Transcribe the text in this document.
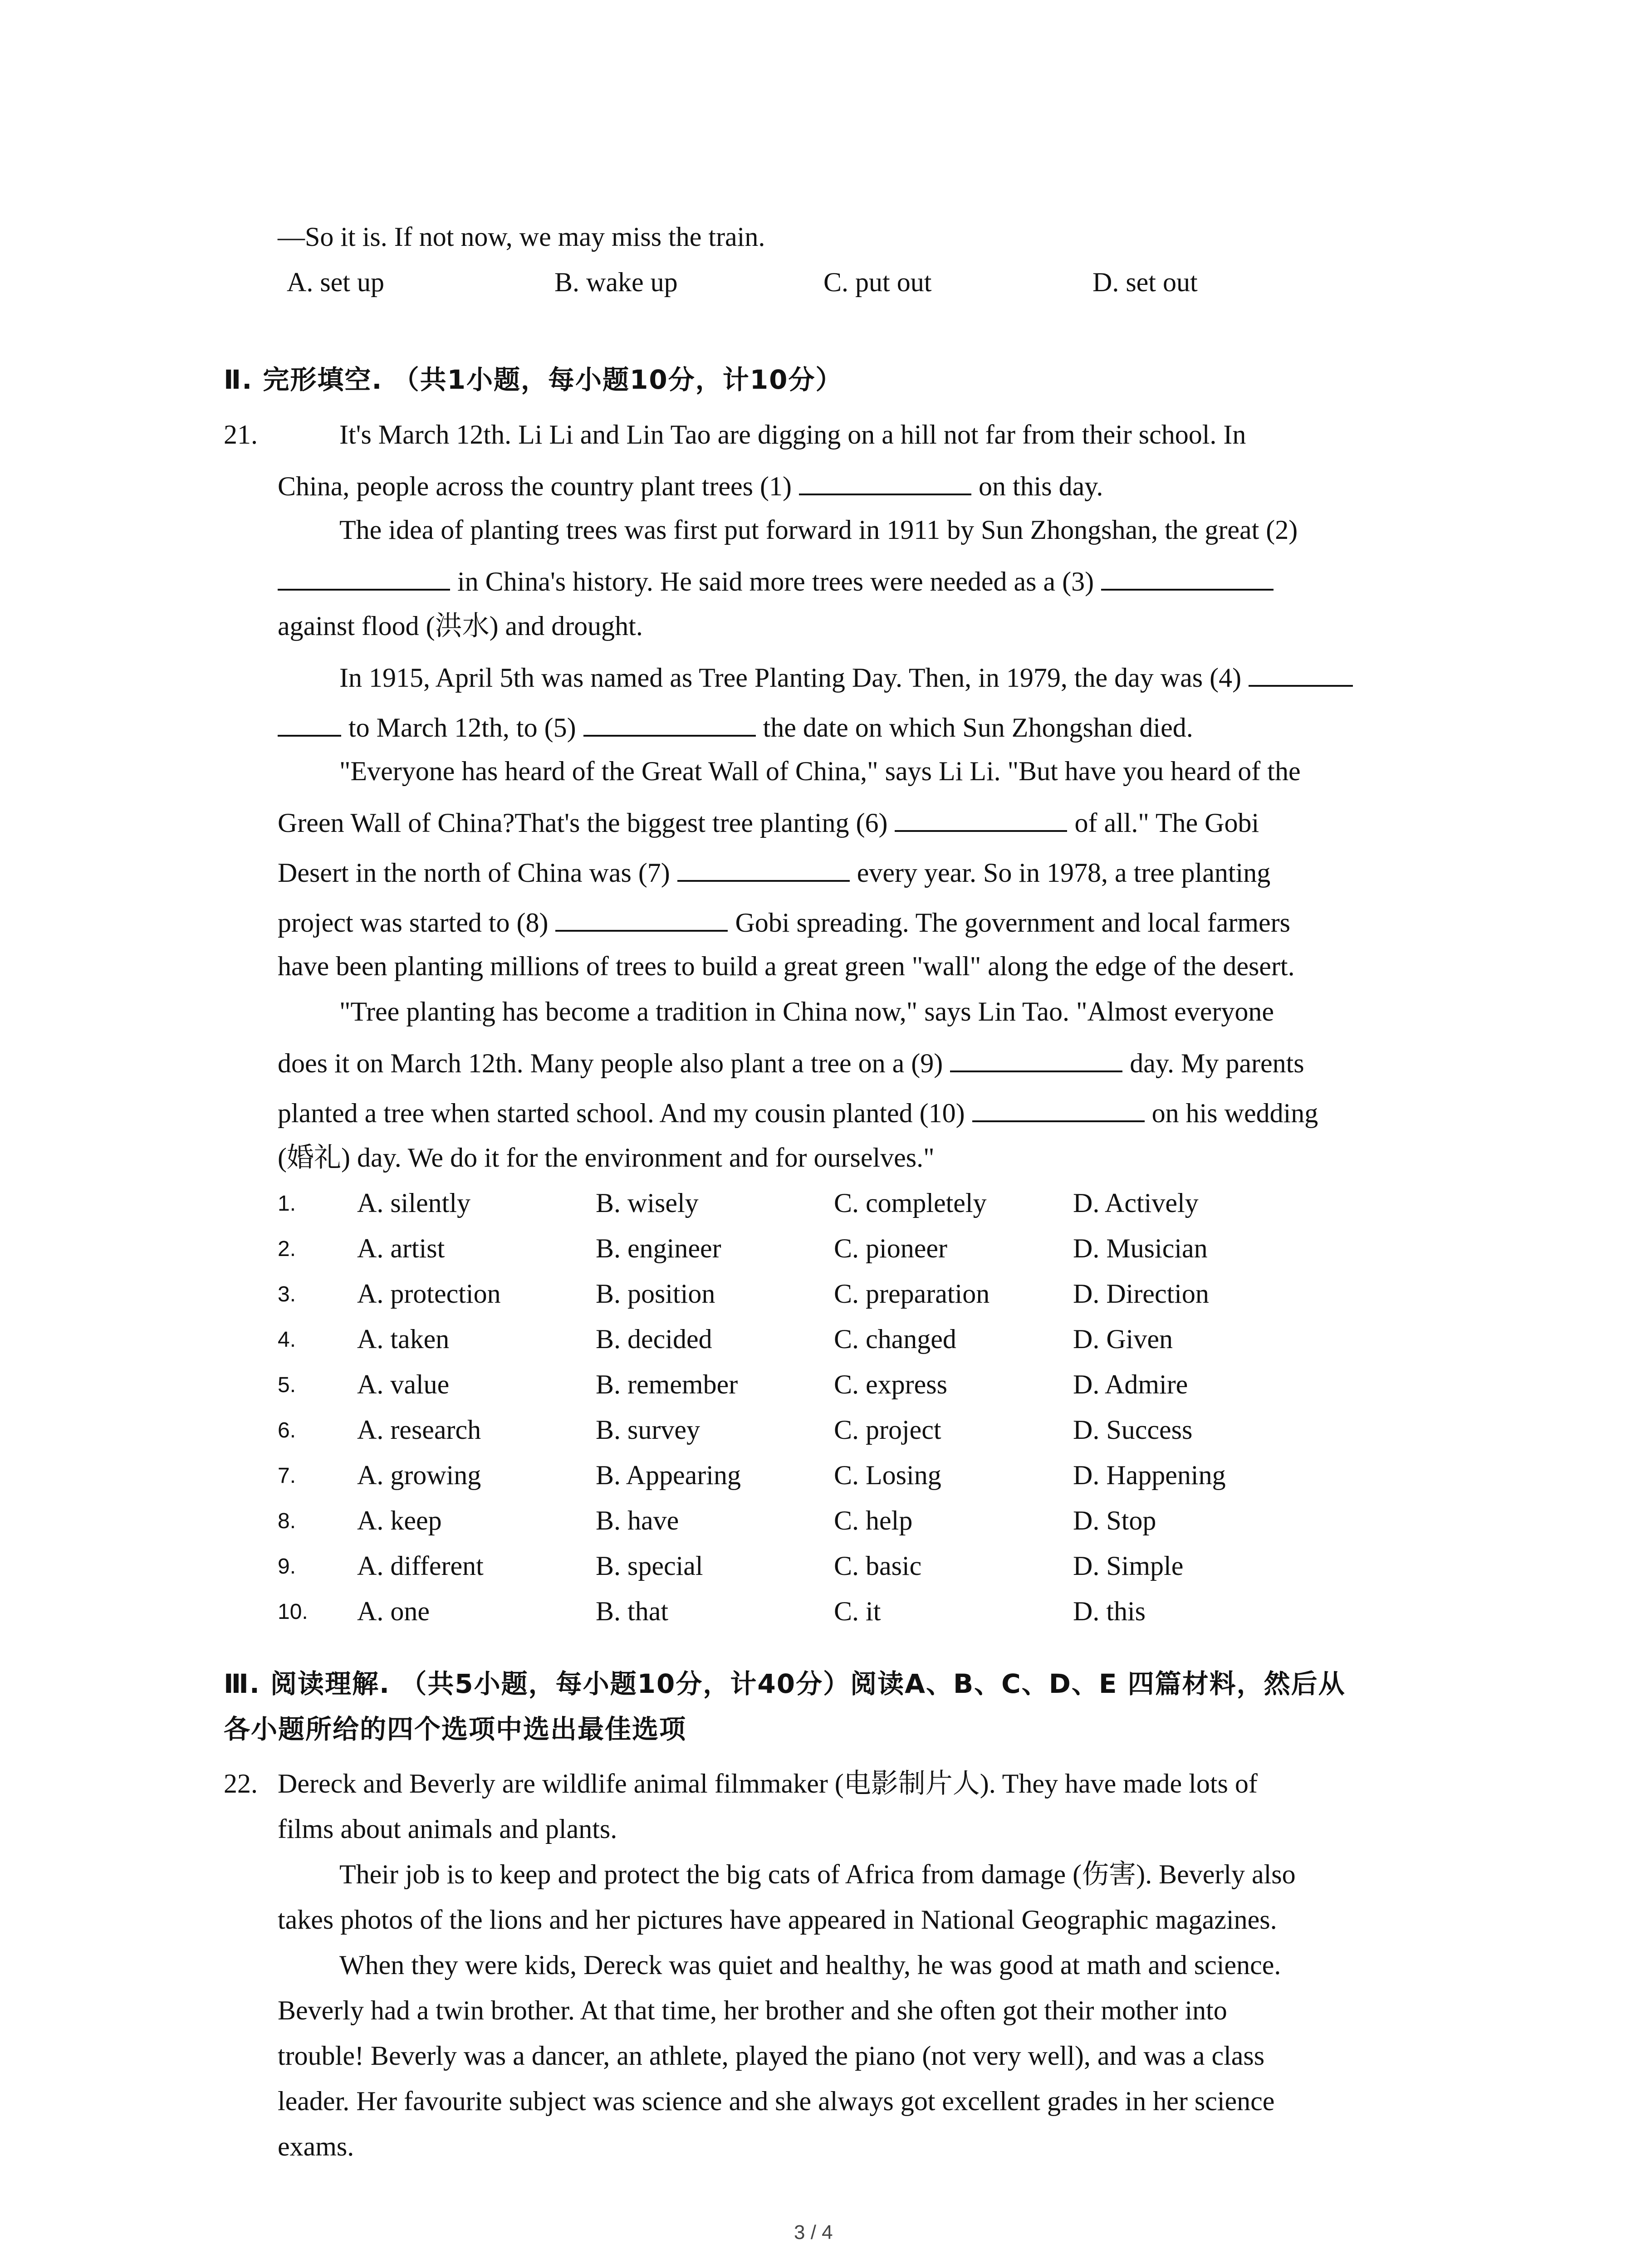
—So it is. If not now, we may miss the train.
A. set up	B. wake up	C. put out	D. set out
Ⅱ. 完形填空. （共1小题，每小题10分，计10分）
21.	It's March 12th. Li Li and Lin Tao are digging on a hill not far from their school. In
China, people across the country plant trees (1)	on this day.
The idea of planting trees was first put forward in 1911 by Sun Zhongshan, the great (2)
in China's history. He said more trees were needed as a (3)
against flood (洪水) and drought.
In 1915, April 5th was named as Tree Planting Day. Then, in 1979, the day was (4)
to March 12th, to (5)	the date on which Sun Zhongshan died.
"Everyone has heard of the Great Wall of China," says Li Li. "But have you heard of the
Green Wall of China?That's the biggest tree planting (6)	of all." The Gobi
Desert in the north of China was (7)	every year. So in 1978, a tree planting
project was started to (8)	Gobi spreading. The government and local farmers
have been planting millions of trees to build a great green "wall" along the edge of the desert.
"Tree planting has become a tradition in China now," says Lin Tao. "Almost everyone
does it on March 12th. Many people also plant a tree on a (9)	day. My parents
planted a tree when started school. And my cousin planted (10)	on his wedding
(婚礼) day. We do it for the environment and for ourselves."
1. A. silently	B. wisely	C. completely	D. Actively
2. A. artist	B. engineer	C. pioneer	D. Musician
3. A. protection	B. position	C. preparation	D. Direction
4. A. taken	B. decided	C. changed	D. Given
5. A. value	B. remember	C. express	D. Admire
6. A. research	B. survey	C. project	D. Success
7. A. growing	B. Appearing	C. Losing	D. Happening
8. A. keep	B. have	C. help	D. Stop
9. A. different	B. special	C. basic	D. Simple
10. A. one	B. that	C. it	D. this
Ⅲ. 阅读理解. （共5小题，每小题10分，计40分）阅读A、B、C、D、E 四篇材料，然后从
各小题所给的四个选项中选出最佳选项
22. Dereck and Beverly are wildlife animal filmmaker (电影制片人). They have made lots of
films about animals and plants.
Their job is to keep and protect the big cats of Africa from damage (伤害). Beverly also
takes photos of the lions and her pictures have appeared in National Geographic magazines.
When they were kids, Dereck was quiet and healthy, he was good at math and science.
Beverly had a twin brother. At that time, her brother and she often got their mother into
trouble! Beverly was a dancer, an athlete, played the piano (not very well), and was a class
leader. Her favourite subject was science and she always got excellent grades in her science
exams.
3 / 4
